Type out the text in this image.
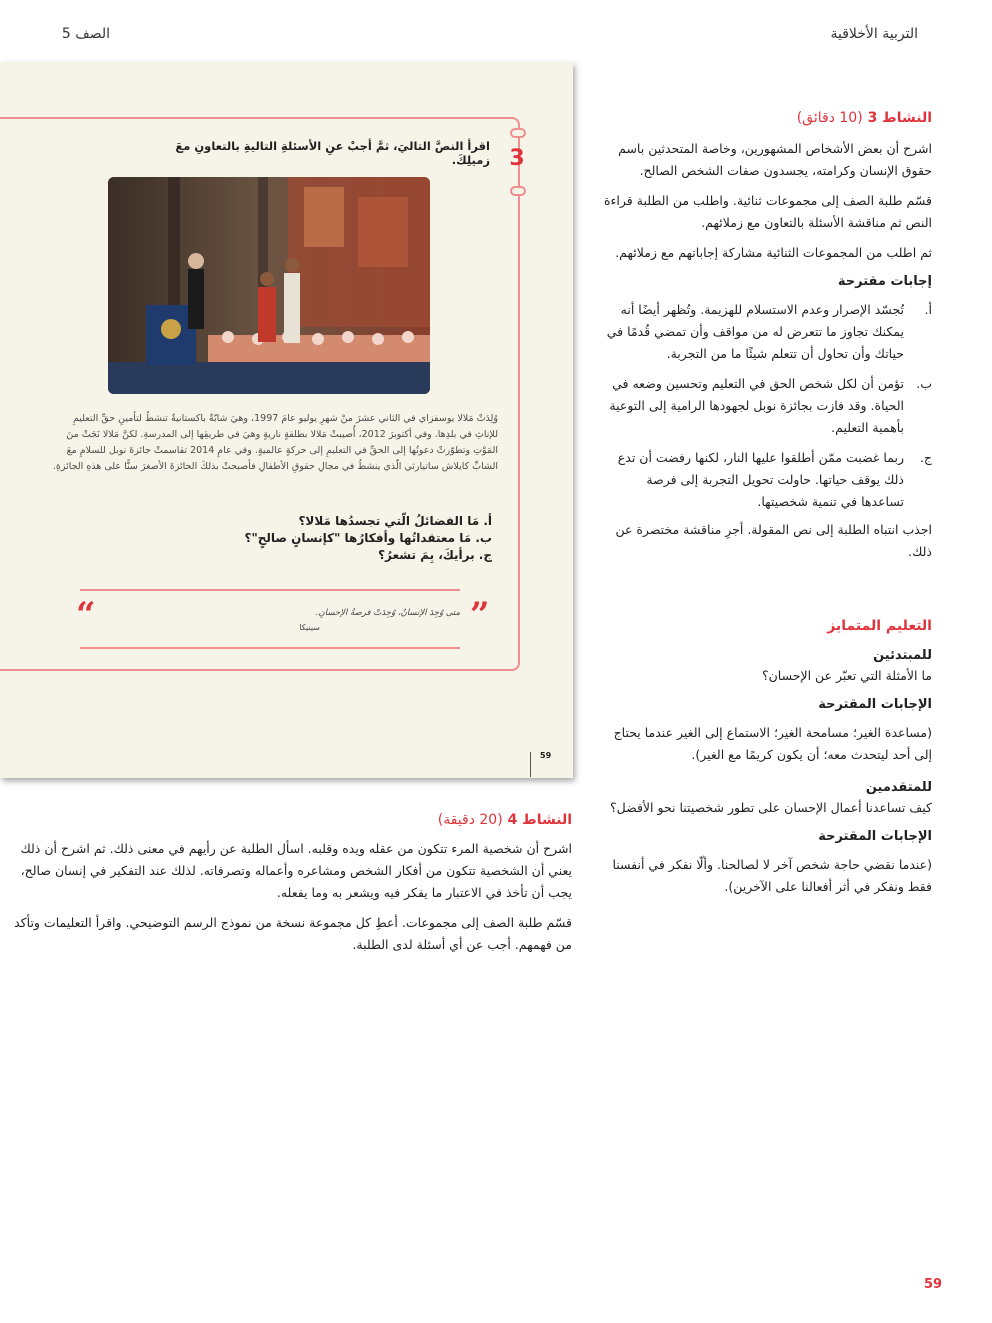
التربية الأخلاقية
الصف 5

النشاط 3 (10 دقائق)

اشرح أن بعض الأشخاص المشهورين، وخاصة المتحدثين باسم حقوق الإنسان وكرامته، يجسدون صفات الشخص الصالح.

قسّم طلبة الصف إلى مجموعات ثنائية. واطلب من الطلبة قراءة النص ثم مناقشة الأسئلة بالتعاون مع زملائهم.

ثم اطلب من المجموعات الثنائية مشاركة إجاباتهم مع زملائهم.

إجابات مقترحة

أ.
تُجسّد الإصرار وعدم الاستسلام للهزيمة. وتُظهر أيضًا أنه يمكنك تجاوز ما تتعرض له من مواقف وأن تمضي قُدمًا في حياتك وأن تحاول أن تتعلم شيئًا ما من التجربة.
ب.
تؤمن أن لكل شخص الحق في التعليم وتحسين وضعه في الحياة. وقد فازت بجائزة نوبل لجهودها الرامية إلى التوعية بأهمية التعليم.
ج.
ربما غضبت ممّن أطلقوا عليها النار، لكنها رفضت أن تدع ذلك يوقف حياتها. حاولت تحويل التجربة إلى فرصة تساعدها في تنمية شخصيتها.

اجذب انتباه الطلبة إلى نص المقولة. أجرِ مناقشة مختصرة عن ذلك.

التعليم المتمايز

للمبتدئين

ما الأمثلة التي تعبّر عن الإحسان؟

الإجابات المقترحة

(مساعدة الغير؛ مسامحة الغير؛ الاستماع إلى الغير عندما يحتاج إلى أحد ليتحدث معه؛ أن يكون كريمًا مع الغير).

للمتقدمين

كيف تساعدنا أعمال الإحسان على تطور شخصيتنا نحو الأفضل؟

الإجابات المقترحة

(عندما نقضي حاجة شخص آخر لا لصالحنا. وألّا نفكر في أنفسنا فقط ونفكر في أثر أفعالنا على الآخرين).

3
اقرأ النصَّ التاليَ، ثمَّ أجبْ عنِ الأسئلةِ التاليةِ بالتعاونِ معَ زميلِكَ.
وُلِدَتْ مَلالا يوسفزاي في الثاني عشرَ منْ شهرِ يوليو عامَ 1997، وهيَ شابّةٌ باكستانيةٌ تنشطُ لتأمينِ حقِّ التعليمِ للإناثِ في بلدِها. وفي أكتوبرَ 2012، أُصيبتْ مَلالا بطلقةٍ ناريةٍ وهيَ في طريقِها إلى المدرسةِ. لكنَّ مَلالا نَجَتْ منَ المَوْتِ وتطوّرتْ دعوتُها إلى الحقِّ في التعليمِ إلى حركةٍ عالميةٍ. وفي عامِ 2014 تقاسمتْ جائزةَ نوبل للسلامِ معَ الشابِّ كايلاش ساتيارثي الّذي ينشطُ في مجالِ حقوقِ الأطفالِ فأصبحتْ بذلكَ الحائزةَ الأصغرَ سنًّا على هذهِ الجائزةِ.
أ. مَا الفضائلُ الّتي تجسدُها مَلالا؟
ب. مَا معتقداتُها وأفكارُها "كإنسانٍ صالحٍ"؟
ج. برأيكَ، بِمَ تشعرُ؟
”
“	متى وُجِدَ الإنسانُ، وُجِدَتْ فرصةُ الإحسانِ.
سينيكا
59

النشاط 4 (20 دقيقة)

اشرح أن شخصية المرء تتكون من عقله ويده وقلبه. اسأل الطلبة عن رأيهم في معنى ذلك. ثم اشرح أن ذلك يعني أن الشخصية تتكون من أفكار الشخص ومشاعره وأعماله وتصرفاته. لذلك عند التفكير في إنسان صالح، يجب أن تأخذ في الاعتبار ما يفكر فيه ويشعر به وما يفعله.

قسّم طلبة الصف إلى مجموعات. أعطِ كل مجموعة نسخة من نموذج الرسم التوضيحي. واقرأ التعليمات وتأكد من فهمهم. أجب عن أي أسئلة لدى الطلبة.

59
